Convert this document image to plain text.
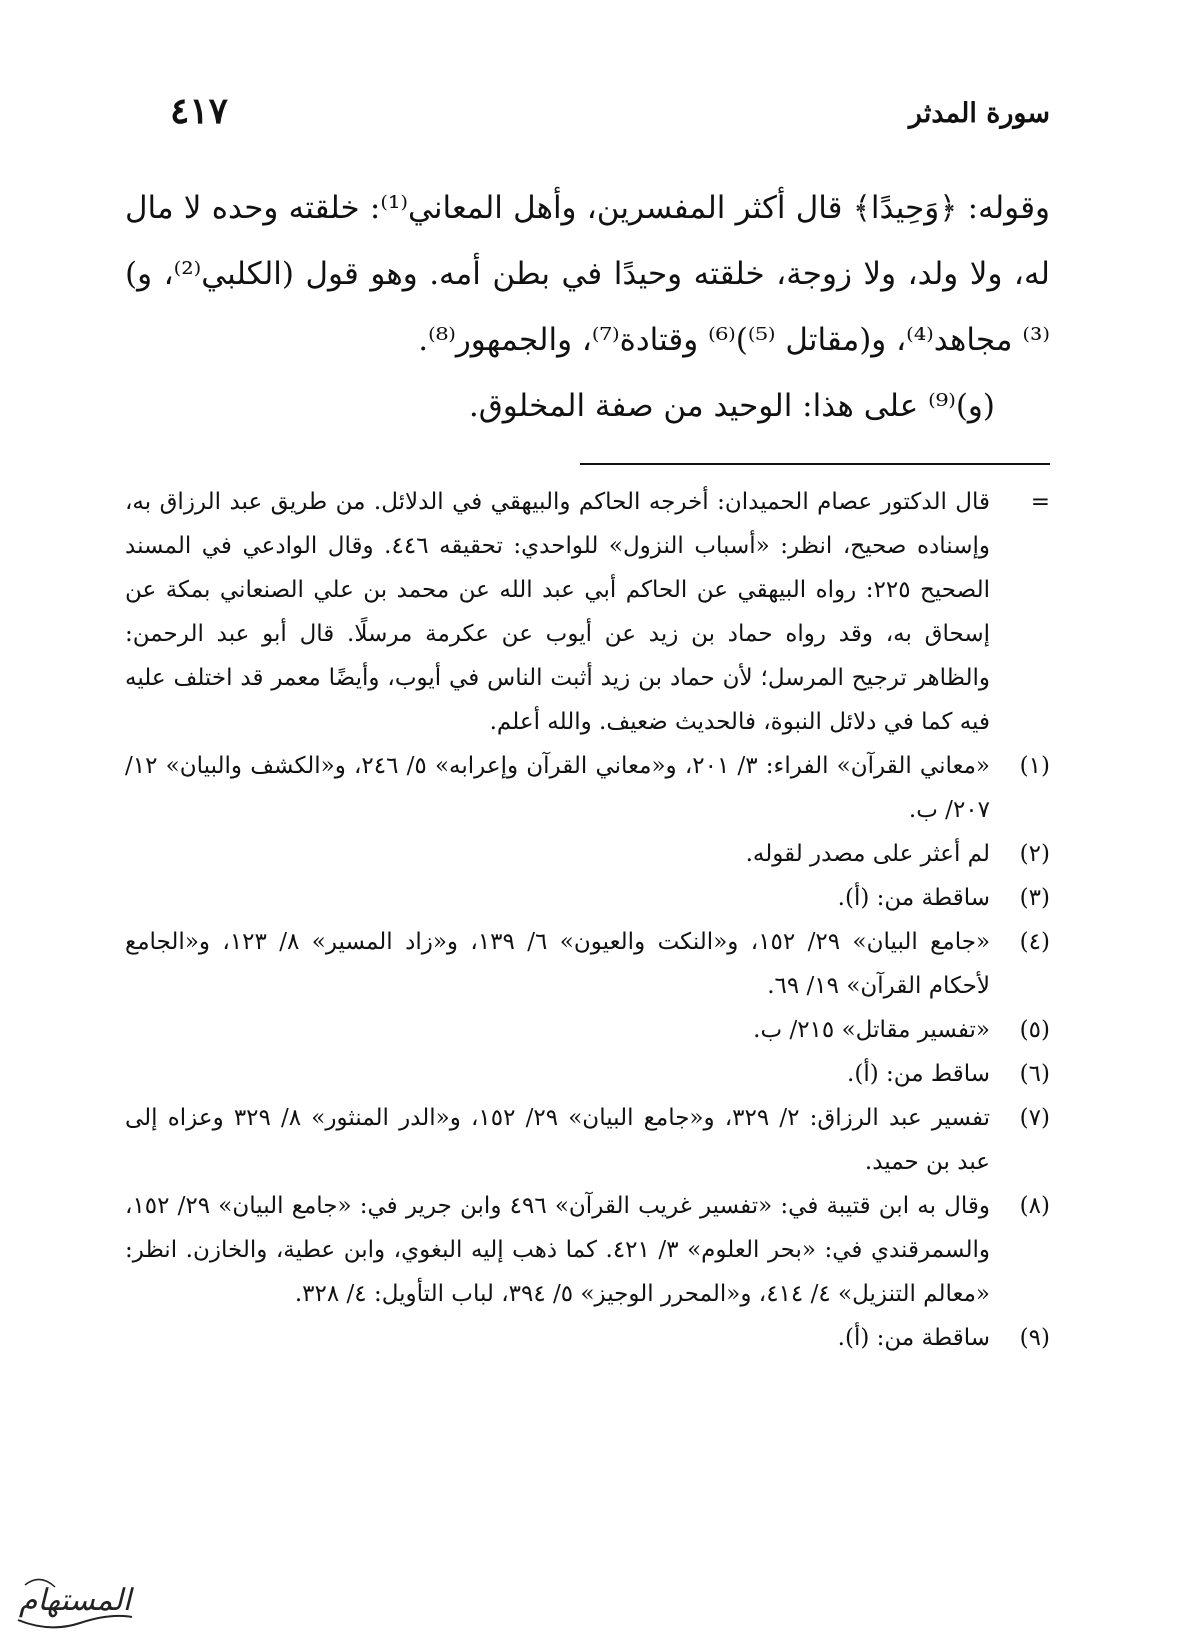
سورة المدثر
٤١٧

وقوله: ﴿وَحِيدًا﴾ قال أكثر المفسرين، وأهل المعاني⁽¹⁾: خلقته وحده لا مال له، ولا ولد، ولا زوجة، خلقته وحيدًا في بطن أمه. وهو قول (الكلبي⁽²⁾، و)⁽³⁾ مجاهد⁽⁴⁾، و(مقاتل ⁽⁵⁾)⁽⁶⁾ وقتادة⁽⁷⁾، والجمهور⁽⁸⁾.

(و)⁽⁹⁾ على هذا: الوحيد من صفة المخلوق.

=
قال الدكتور عصام الحميدان: أخرجه الحاكم والبيهقي في الدلائل. من طريق عبد الرزاق به، وإسناده صحيح، انظر: «أسباب النزول» للواحدي: تحقيقه ٤٤٦. وقال الوادعي في المسند الصحيح ٢٢٥: رواه البيهقي عن الحاكم أبي عبد الله عن محمد بن علي الصنعاني بمكة عن إسحاق به، وقد رواه حماد بن زيد عن أيوب عن عكرمة مرسلًا. قال أبو عبد الرحمن: والظاهر ترجيح المرسل؛ لأن حماد بن زيد أثبت الناس في أيوب، وأيضًا معمر قد اختلف عليه فيه كما في دلائل النبوة، فالحديث ضعيف. والله أعلم.
(١)
«معاني القرآن» الفراء: ٣/ ٢٠١، و«معاني القرآن وإعرابه» ٥/ ٢٤٦، و«الكشف والبيان» ١٢/ ٢٠٧/ ب.
(٢)
لم أعثر على مصدر لقوله.
(٣)
ساقطة من: (أ).
(٤)
«جامع البيان» ٢٩/ ١٥٢، و«النكت والعيون» ٦/ ١٣٩، و«زاد المسير» ٨/ ١٢٣، و«الجامع لأحكام القرآن» ١٩/ ٦٩.
(٥)
«تفسير مقاتل» ٢١٥/ ب.
(٦)
ساقط من: (أ).
(٧)
تفسير عبد الرزاق: ٢/ ٣٢٩، و«جامع البيان» ٢٩/ ١٥٢، و«الدر المنثور» ٨/ ٣٢٩ وعزاه إلى عبد بن حميد.
(٨)
وقال به ابن قتيبة في: «تفسير غريب القرآن» ٤٩٦ وابن جرير في: «جامع البيان» ٢٩/ ١٥٢، والسمرقندي في: «بحر العلوم» ٣/ ٤٢١. كما ذهب إليه البغوي، وابن عطية، والخازن. انظر: «معالم التنزيل» ٤/ ٤١٤، و«المحرر الوجيز» ٥/ ٣٩٤، لباب التأويل: ٤/ ٣٢٨.
(٩)
ساقطة من: (أ).
المستهام
